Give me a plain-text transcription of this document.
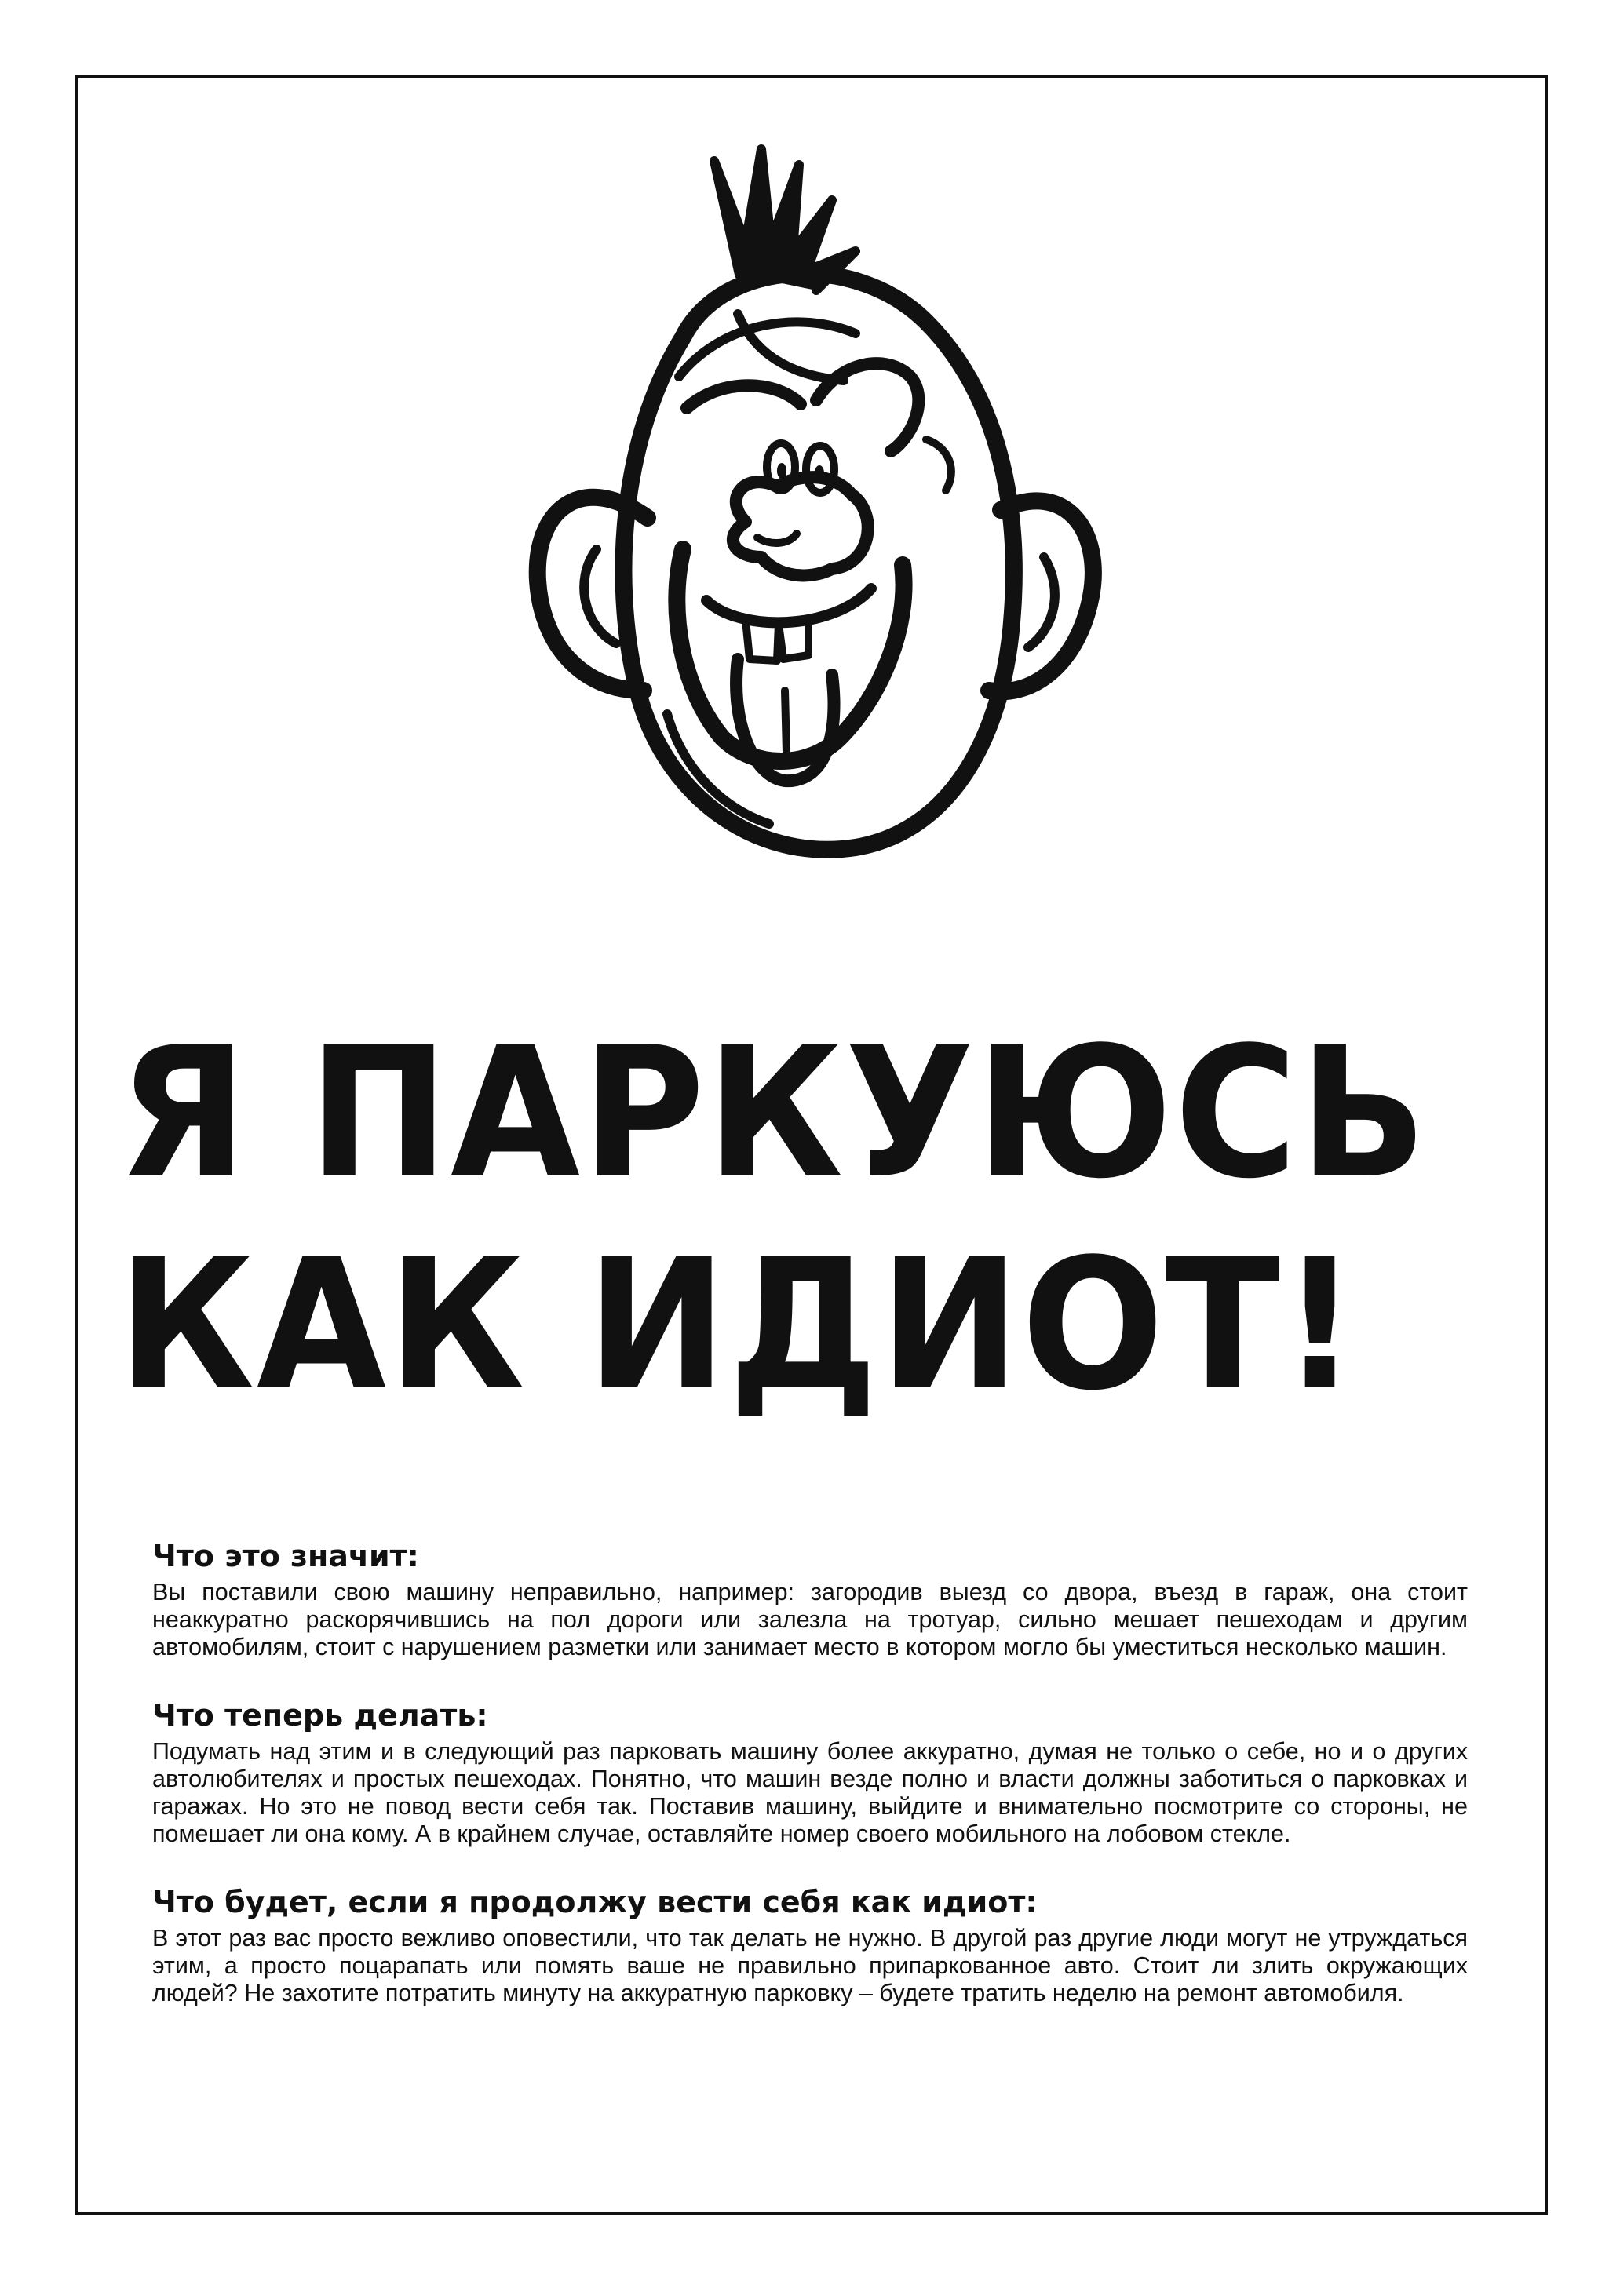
Я ПАРКУЮСЬ
КАК ИДИОТ!
Что это значит:

Вы поставили свою машину неправильно, например: загородив выезд со двора, въезд в гараж, она стоит неаккуратно раскорячившись на пол дороги или залезла на тротуар, сильно мешает пешеходам и другим автомобилям, стоит с нарушением разметки или занимает место в котором могло бы уместиться несколько машин.

Что теперь делать:

Подумать над этим и в следующий раз парковать машину более аккуратно, думая не только о себе, но и о других автолюбителях и простых пешеходах. Понятно, что машин везде полно и власти должны заботиться о парковках и гаражах. Но это не повод вести себя так. Поставив машину, выйдите и внимательно посмотрите со стороны, не помешает ли она кому. А в крайнем случае, оставляйте номер своего мобильного на лобовом стекле.

Что будет, если я продолжу вести себя как идиот:

В этот раз вас просто вежливо оповестили, что так делать не нужно. В другой раз другие люди могут не утруждаться этим, а просто поцарапать или помять ваше не правильно припаркованное авто. Стоит ли злить окружающих людей? Не захотите потратить минуту на аккуратную парковку – будете тратить неделю на ремонт автомобиля.
